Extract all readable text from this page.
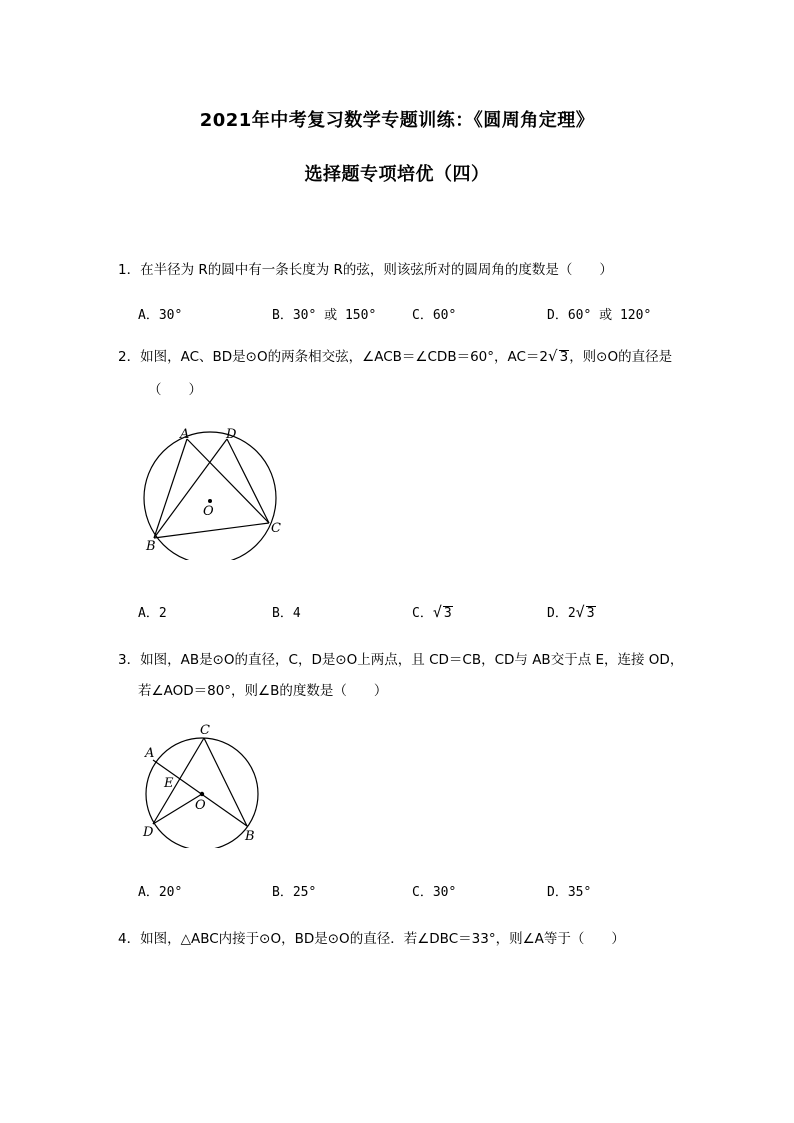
2021年中考复习数学专题训练：《圆周角定理》
选择题专项培优（四）
1．在半径为 R的圆中有一条长度为 R的弦，则该弦所对的圆周角的度数是（　　）
A．30°	B．30° 或 150°	C．60°	D．60° 或 120°
2．如图，AC、BD是⊙O的两条相交弦，∠ACB＝∠CDB＝60°，AC＝2√ 3，则⊙O的直径是
（　　）
A	D
O
B
C
A．2	B．4	C．√ 3	D．2√ 3
3．如图，AB是⊙O的直径，C，D是⊙O上两点，且 CD＝CB，CD与 AB交于点 E，连接 OD，
若∠AOD＝80°，则∠B的度数是（　　）
A
C
E
O
D	B
A．20°	B．25°	C．30°	D．35°
4．如图，△ABC内接于⊙O，BD是⊙O的直径．若∠DBC＝33°，则∠A等于（　　）
